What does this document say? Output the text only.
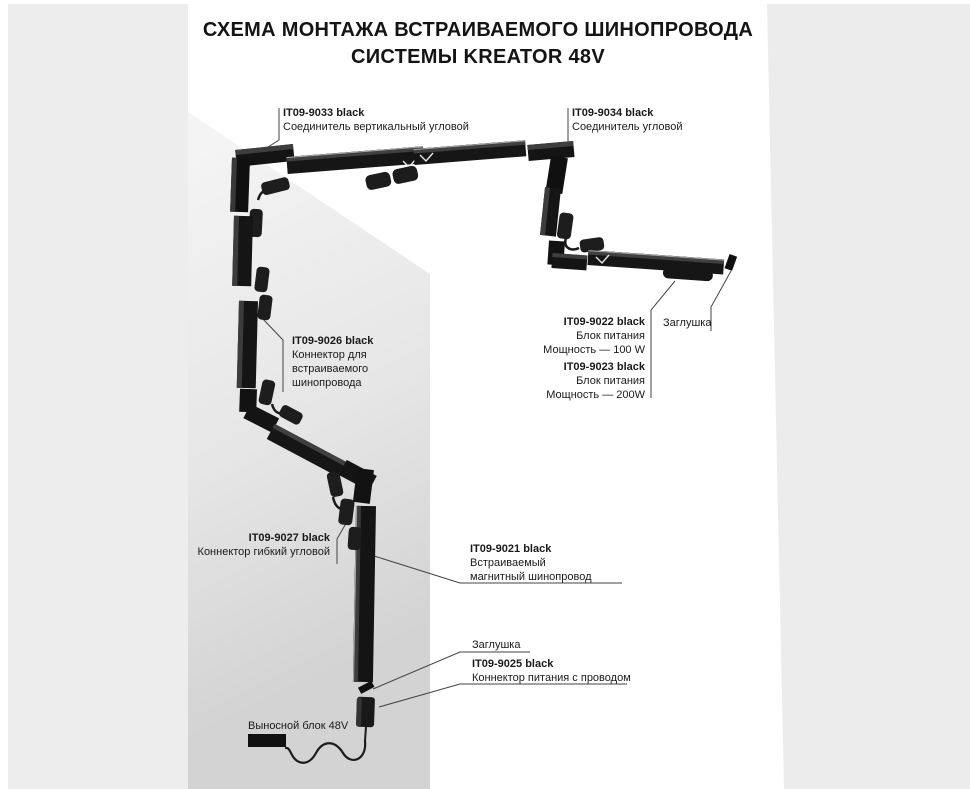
СХЕМА МОНТАЖА ВСТРАИВАЕМОГО ШИНОПРОВОДА
СИСТЕМЫ KREATOR 48V
IT09-9033 black
Соединитель вертикальный угловой
IT09-9034 black
Соединитель угловой
IT09-9026 black
Коннектор для
встраиваемого
шинопровода
IT09-9022 black
Блок питания
Мощность — 100 W
IT09-9023 black
Блок питания
Мощность — 200W
Заглушка
IT09-9027 black
Коннектор гибкий угловой	IT09-9021 black
Встраиваемый
магнитный шинопровод
Заглушка
IT09-9025 black
Коннектор питания с проводом
Выносной блок 48V
